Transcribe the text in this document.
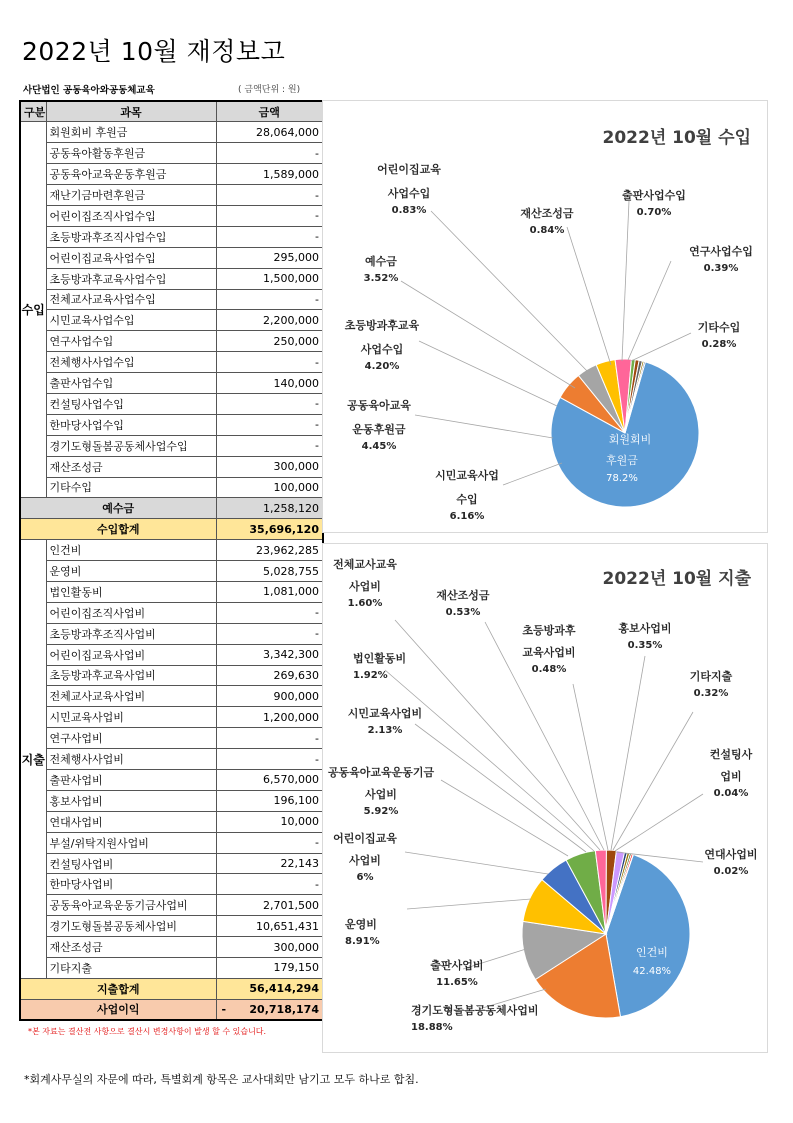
2022년 10월 재정보고
사단법인 공동육아와공동체교육	( 금액단위 : 원)
구분	과목	금액
수입	회원회비 후원금	28,064,000
	공동육아활동후원금	-
	공동육아교육운동후원금	1,589,000
	재난기금마련후원금	-
	어린이집조직사업수입	-
	초등방과후조직사업수입	-
	어린이집교육사업수입	295,000
	초등방과후교육사업수입	1,500,000
	전체교사교육사업수입	-
	시민교육사업수입	2,200,000
	연구사업수입	250,000
	전체행사사업수입	-
	출판사업수입	140,000
	컨설팅사업수입	-
	한마당사업수입	-
	경기도형돌봄공동체사업수입	-
	재산조성금	300,000
	기타수입	100,000
예수금		1,258,120
수입합계		35,696,120
지출	인건비	23,962,285
	운영비	5,028,755
	법인활동비	1,081,000
	어린이집조직사업비	-
	초등방과후조직사업비	-
	어린이집교육사업비	3,342,300
	초등방과후교육사업비	269,630
	전체교사교육사업비	900,000
	시민교육사업비	1,200,000
	연구사업비	-
	전체행사사업비	-
	출판사업비	6,570,000
	홍보사업비	196,100
	연대사업비	10,000
	부설/위탁지원사업비	-
	컨설팅사업비	22,143
	한마당사업비	-
	공동육아교육운동기금사업비	2,701,500
	경기도형돌봄공동체사업비	10,651,431
	재산조성금	300,000
	기타지출	179,150
지출합계		56,414,294
사업이익		- 20,718,174
*본 자료는 결산전 사항으로 결산시 변경사항이 발생 할 수 있습니다.
*회계사무실의 자문에 따라, 특별회계 항목은 교사대회만 남기고 모두 하나로 합침.
2022년 10월 수입
회원회비
후원금
78.2%
시민교육사업
수입
6.16%
공동육아교육
운동후원금
4.45%
초등방과후교육
사업수입
4.20%
예수금
3.52%
어린이집교육
사업수입
0.83%	재산조성금
0.84%
출판사업수입
0.70%
연구사업수입
0.39%
기타수입
0.28%
2022년 10월 지출
인건비
42.48%
경기도형돌봄공동체사업비
18.88%
출판사업비
11.65%
운영비
8.91%
어린이집교육
사업비
6%
공동육아교육운동기금
사업비
5.92%
시민교육사업비
2.13%
법인활동비
1.92%
전체교사교육
사업비
1.60%
재산조성금
0.53%
초등방과후
교육사업비
0.48%
홍보사업비
0.35%
기타지출
0.32%
컨설팅사
업비
0.04%
연대사업비
0.02%
